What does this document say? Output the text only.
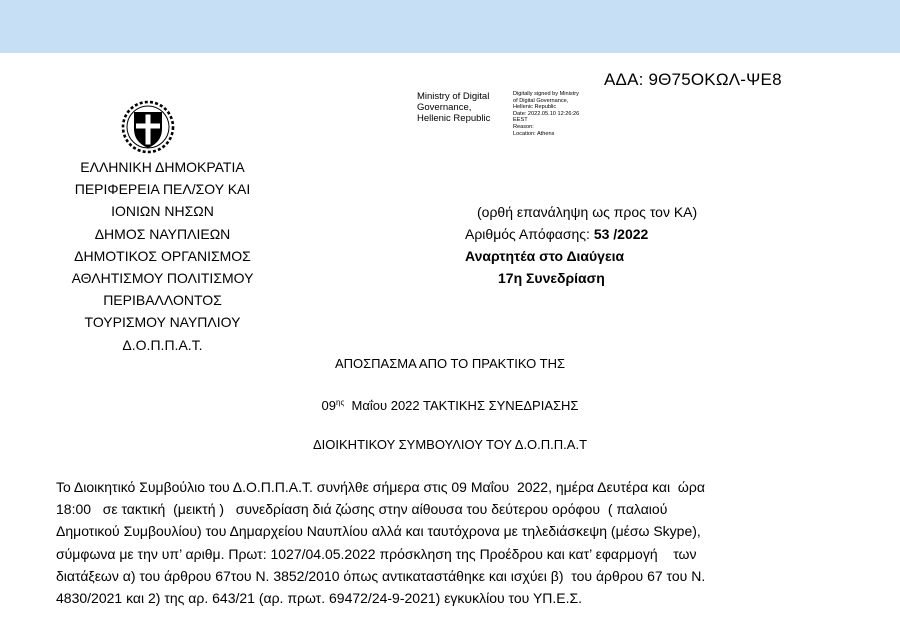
ΑΔΑ: 9Θ75ΟΚΩΛ-ΨΕ8
Ministry of Digital
Governance,
Hellenic Republic
Digitally signed by Ministry
of Digital Governance,
Hellenic Republic
Date: 2022.05.10 12:26:26
EEST
Reason:
Location: Athens
ΕΛΛΗΝΙΚΗ ΔΗΜΟΚΡΑΤΙΑ
ΠΕΡΙΦΕΡΕΙΑ ΠΕΛ/ΣΟΥ ΚΑΙ
ΙΟΝΙΩΝ ΝΗΣΩΝ
ΔΗΜΟΣ ΝΑΥΠΛΙΕΩΝ
ΔΗΜΟΤΙΚΟΣ ΟΡΓΑΝΙΣΜΟΣ
ΑΘΛΗΤΙΣΜΟΥ ΠΟΛΙΤΙΣΜΟΥ
ΠΕΡΙΒΑΛΛΟΝΤΟΣ
ΤΟΥΡΙΣΜΟΥ ΝΑΥΠΛΙΟΥ
Δ.Ο.Π.Π.Α.Τ.
(ορθή επανάληψη ως προς τον ΚΑ)
Αριθμός Απόφασης: 53 /2022
Αναρτητέα στο Διαύγεια
17η Συνεδρίαση
ΑΠΟΣΠΑΣΜΑ ΑΠΟ ΤΟ ΠΡΑΚΤΙΚΟ ΤΗΣ
$09^{\eta\varsigma}$  Μαΐου 2022 ΤΑΚΤΙΚΗΣ ΣΥΝΕΔΡΙΑΣΗΣ
ΔΙΟΙΚΗΤΙΚΟΥ ΣΥΜΒΟΥΛΙΟΥ ΤΟΥ Δ.Ο.Π.Π.Α.Τ
Το Διοικητικό Συμβούλιο του Δ.Ο.Π.Π.Α.Τ. συνήλθε σήμερα στις 09 Μαΐου  2022, ημέρα Δευτέρα και  ώρα
18:00   σε τακτική  (μεικτή )   συνεδρίαση διά ζώσης στην αίθουσα του δεύτερου ορόφου  ( παλαιού
Δημοτικού Συμβουλίου) του Δημαρχείου Ναυπλίου αλλά και ταυτόχρονα με τηλεδιάσκεψη (μέσω Skype),
σύμφωνα με την υπ’ αριθμ. Πρωτ: 1027/04.05.2022 πρόσκληση της Προέδρου και κατ’ εφαρμογή    των
διατάξεων α) του άρθρου 67του Ν. 3852/2010 όπως αντικαταστάθηκε και ισχύει β)  του άρθρου 67 του Ν.
4830/2021 και 2) της αρ. 643/21 (αρ. πρωτ. 69472/24-9-2021) εγκυκλίου του ΥΠ.Ε.Σ.
